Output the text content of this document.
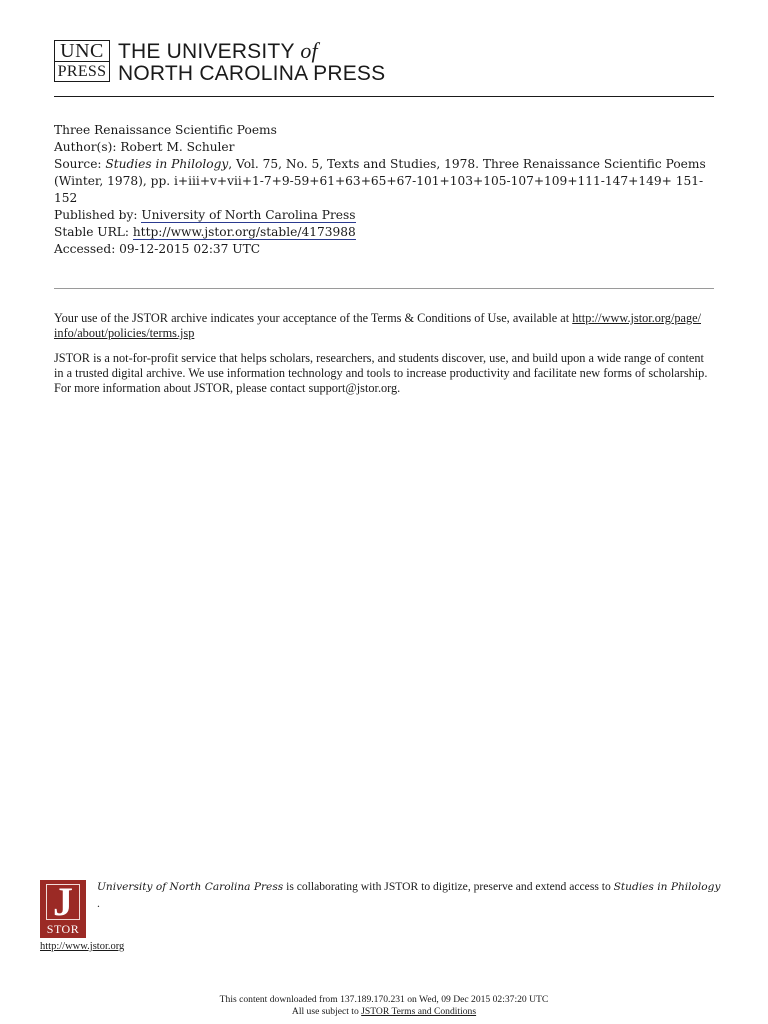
UNC
PRESS
THE UNIVERSITY of
NORTH CAROLINA PRESS
Three Renaissance Scientific Poems
Author(s): Robert M. Schuler
Source: Studies in Philology, Vol. 75, No. 5, Texts and Studies, 1978. Three Renaissance Scientific Poems (Winter, 1978), pp. i+iii+v+vii+1-7+9-59+61+63+65+67-101+103+105-107+109+111-147+149+ 151-152
Published by: University of North Carolina Press
Stable URL: http://www.jstor.org/stable/4173988
Accessed: 09-12-2015 02:37 UTC

Your use of the JSTOR archive indicates your acceptance of the Terms & Conditions of Use, available at http://www.jstor.org/page/ info/about/policies/terms.jsp

JSTOR is a not-for-profit service that helps scholars, researchers, and students discover, use, and build upon a wide range of content in a trusted digital archive. We use information technology and tools to increase productivity and facilitate new forms of scholarship. For more information about JSTOR, please contact support@jstor.org.

J
STOR
University of North Carolina Press is collaborating with JSTOR to digitize, preserve and extend access to Studies in Philology
.
http://www.jstor.org
This content downloaded from 137.189.170.231 on Wed, 09 Dec 2015 02:37:20 UTC
All use subject to JSTOR Terms and Conditions
